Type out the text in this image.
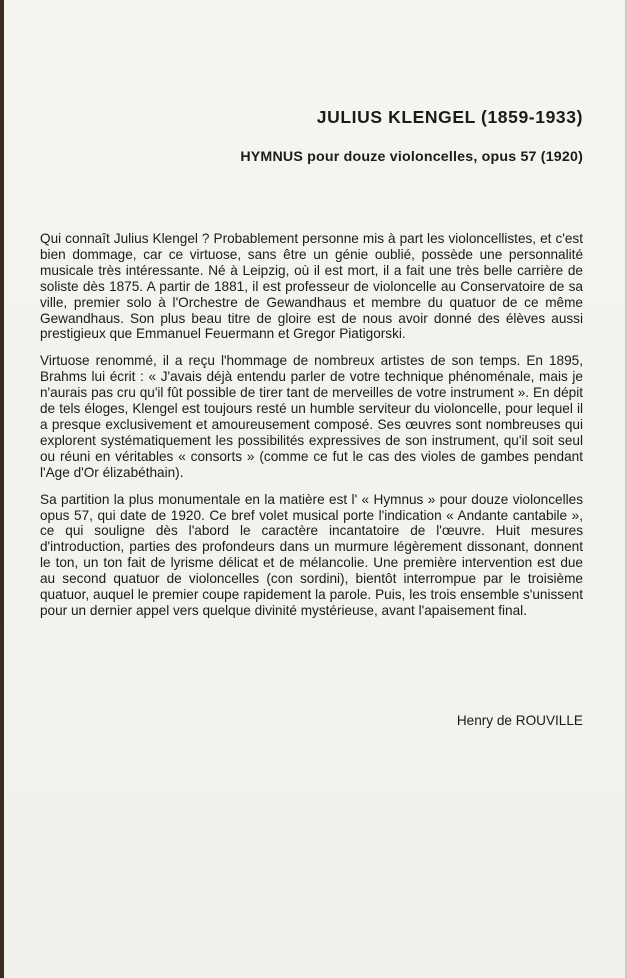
· · ·
JULIUS KLENGEL (1859-1933)
HYMNUS pour douze violoncelles, opus 57 (1920)

Qui connaît Julius Klengel ? Probablement personne mis à part les violoncellistes, et c'est bien dommage, car ce virtuose, sans être un génie oublié, possède une personnalité musicale très intéressante. Né à Leipzig, où il est mort, il a fait une très belle carrière de soliste dès 1875. A partir de 1881, il est professeur de violoncelle au Conservatoire de sa ville, premier solo à l'Orchestre de Gewandhaus et membre du quatuor de ce même Gewandhaus. Son plus beau titre de gloire est de nous avoir donné des élèves aussi prestigieux que Emmanuel Feuermann et Gregor Piatigorski.

Virtuose renommé, il a reçu l'hommage de nombreux artistes de son temps. En 1895, Brahms lui écrit : « J'avais déjà entendu parler de votre technique phénoménale, mais je n'aurais pas cru qu'il fût possible de tirer tant de merveilles de votre instrument ». En dépit de tels éloges, Klengel est toujours resté un humble serviteur du violoncelle, pour lequel il a presque exclusivement et amoureusement composé. Ses œuvres sont nombreuses qui explorent systématiquement les possibilités expressives de son instrument, qu'il soit seul ou réuni en véritables « consorts » (comme ce fut le cas des violes de gambes pendant l'Age d'Or élizabéthain).

Sa partition la plus monumentale en la matière est l' « Hymnus » pour douze violoncelles opus 57, qui date de 1920. Ce bref volet musical porte l'indication « Andante cantabile », ce qui souligne dès l'abord le caractère incantatoire de l'œuvre. Huit mesures d'introduction, parties des profondeurs dans un murmure légèrement dissonant, donnent le ton, un ton fait de lyrisme délicat et de mélancolie. Une première intervention est due au second quatuor de violoncelles (con sordini), bientôt interrompue par le troisième quatuor, auquel le premier coupe rapidement la parole. Puis, les trois ensemble s'unissent pour un dernier appel vers quelque divinité mystérieuse, avant l'apaisement final.

Henry de ROUVILLE
